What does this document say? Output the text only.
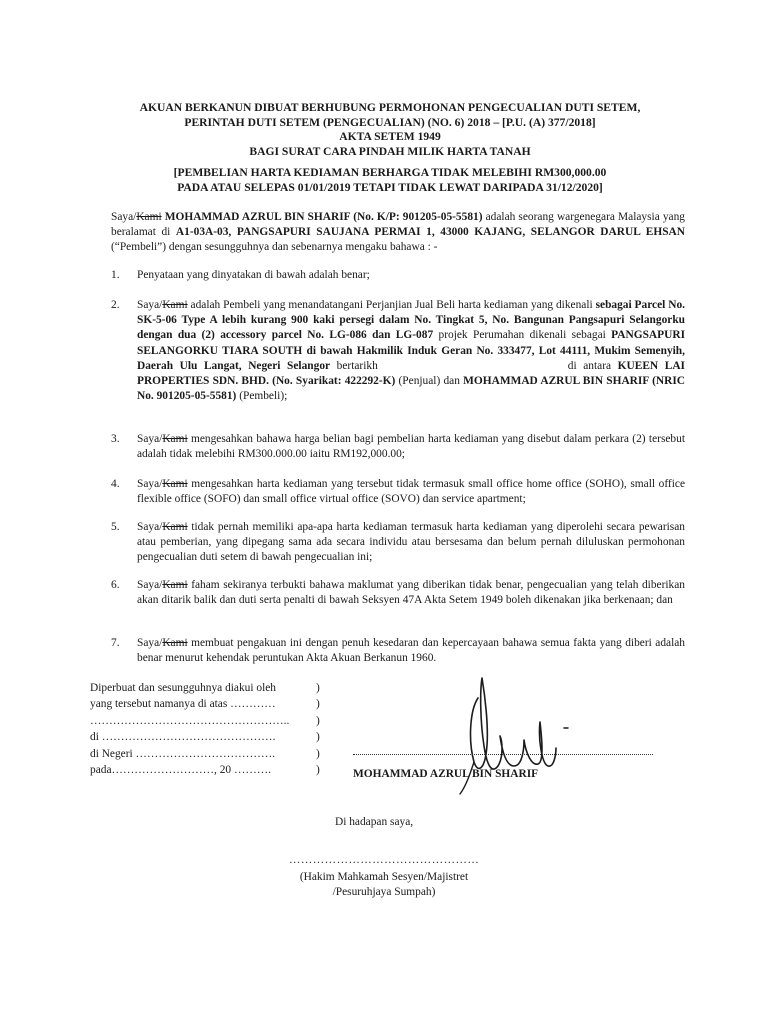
AKUAN BERKANUN DIBUAT BERHUBUNG PERMOHONAN PENGECUALIAN DUTI SETEM,
PERINTAH DUTI SETEM (PENGECUALIAN) (NO. 6) 2018 – [P.U. (A) 377/2018]
AKTA SETEM 1949
BAGI SURAT CARA PINDAH MILIK HARTA TANAH
[PEMBELIAN HARTA KEDIAMAN BERHARGA TIDAK MELEBIHI RM300,000.00
PADA ATAU SELEPAS 01/01/2019 TETAPI TIDAK LEWAT DARIPADA 31/12/2020]
Saya/Kami MOHAMMAD AZRUL BIN SHARIF (No. K/P: 901205-05-5581) adalah seorang wargenegara Malaysia yang beralamat di A1-03A-03, PANGSAPURI SAUJANA PERMAI 1, 43000 KAJANG, SELANGOR DARUL EHSAN (“Pembeli”) dengan sesungguhnya dan sebenarnya mengaku bahawa : -
1.	Penyataan yang dinyatakan di bawah adalah benar;
2.	Saya/Kami adalah Pembeli yang menandatangani Perjanjian Jual Beli harta kediaman yang dikenali sebagai Parcel No. SK-5-06 Type A lebih kurang 900 kaki persegi dalam No. Tingkat 5, No. Bangunan Pangsapuri Selangorku dengan dua (2) accessory parcel No. LG-086 dan LG-087 projek Perumahan dikenali sebagai PANGSAPURI SELANGORKU TIARA SOUTH di bawah Hakmilik Induk Geran No. 333477, Lot 44111, Mukim Semenyih, Daerah Ulu Langat, Negeri Selangor bertarikh	di antara KUEEN LAI PROPERTIES SDN. BHD. (No. Syarikat: 422292-K) (Penjual) dan MOHAMMAD AZRUL BIN SHARIF (NRIC No. 901205-05-5581) (Pembeli);
3.	Saya/Kami mengesahkan bahawa harga belian bagi pembelian harta kediaman yang disebut dalam perkara (2) tersebut adalah tidak melebihi RM300.000.00 iaitu RM192,000.00;
4.	Saya/Kami mengesahkan harta kediaman yang tersebut tidak termasuk small office home office (SOHO), small office flexible office (SOFO) dan small office virtual office (SOVO) dan service apartment;
5.	Saya/Kami tidak pernah memiliki apa-apa harta kediaman termasuk harta kediaman yang diperolehi secara pewarisan atau pemberian, yang dipegang sama ada secara individu atau bersesama dan belum pernah diluluskan permohonan pengecualian duti setem di bawah pengecualian ini;
6.	Saya/Kami faham sekiranya terbukti bahawa maklumat yang diberikan tidak benar, pengecualian yang telah diberikan akan ditarik balik dan duti serta penalti di bawah Seksyen 47A Akta Setem 1949 boleh dikenakan jika berkenaan; dan
7.	Saya/Kami membuat pengakuan ini dengan penuh kesedaran dan kepercayaan bahawa semua fakta yang diberi adalah benar menurut kehendak peruntukan Akta Akuan Berkanun 1960.
Diperbuat dan sesungguhnya diakui oleh	)
yang tersebut namanya di atas …………	)
…………………………………………….. )
di ……………………………………….	)
di Negeri ……………………………….	)
pada………………………, 20 ……….	)	MOHAMMAD AZRUL BIN SHARIF
Di hadapan saya,
…………………………………………
(Hakim Mahkamah Sesyen/Majistret
/Pesuruhjaya Sumpah)
